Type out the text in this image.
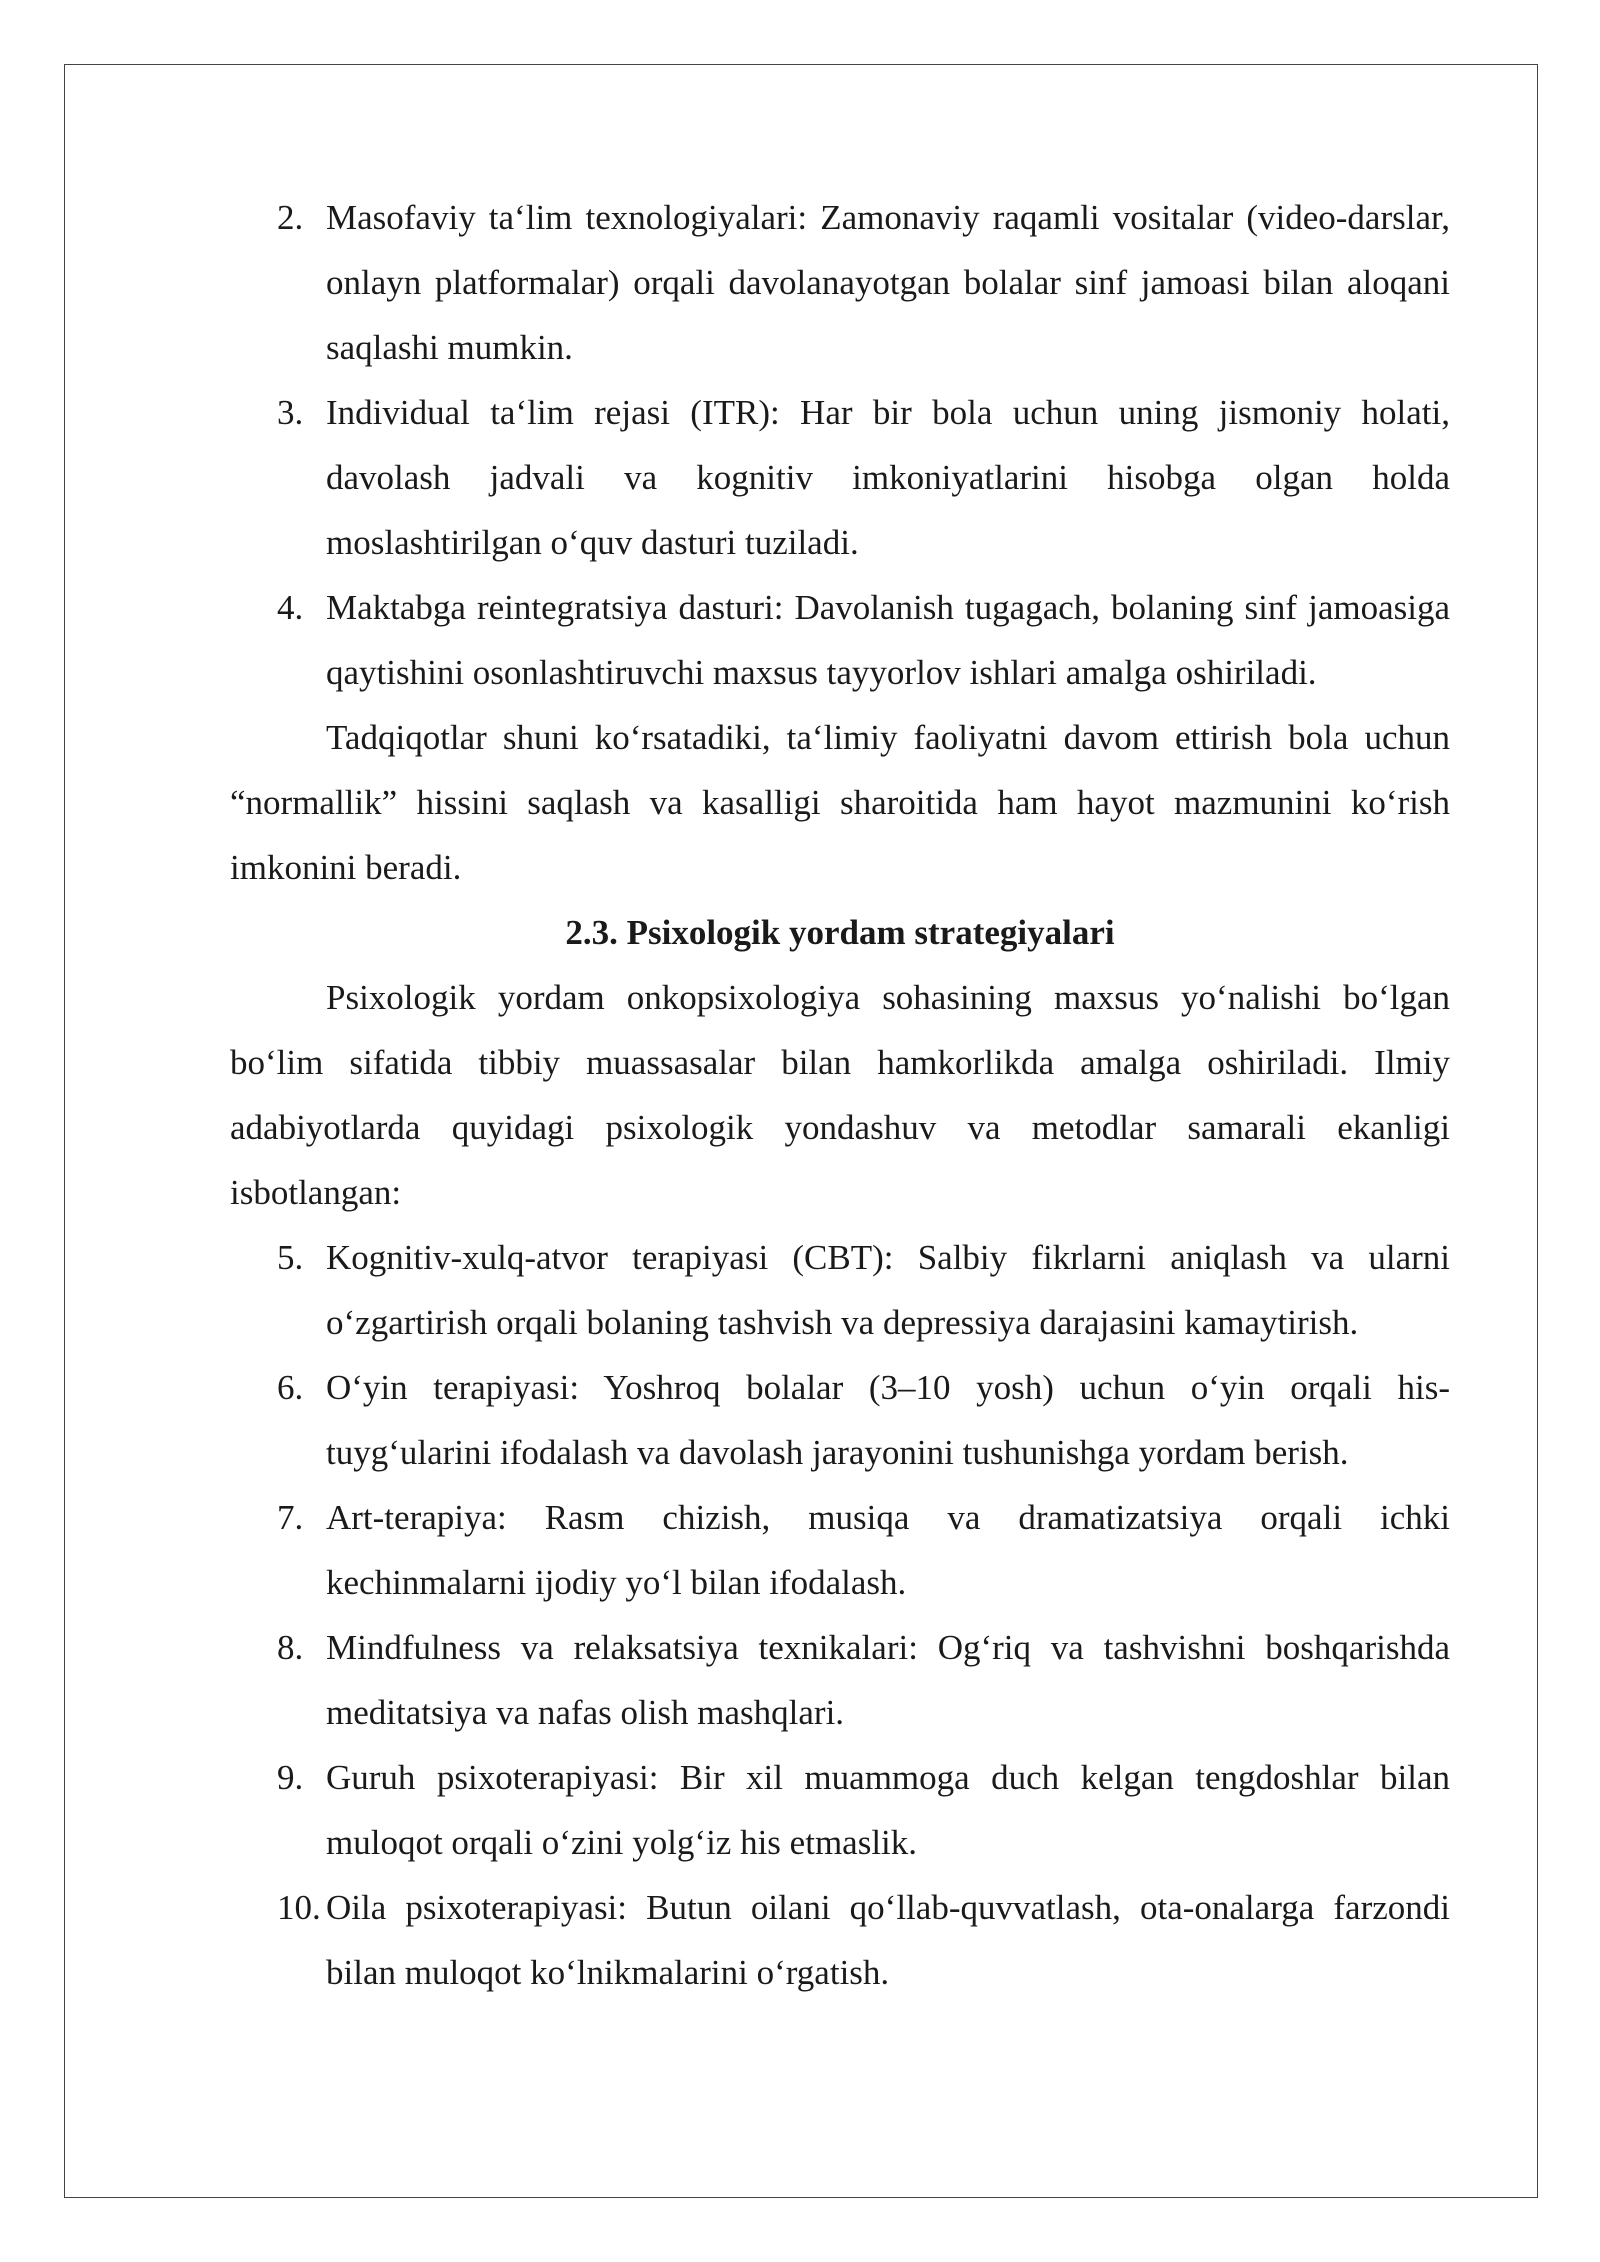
2. Masofaviy ta‘lim texnologiyalari: Zamonaviy raqamli vositalar (video-darslar, onlayn platformalar) orqali davolanayotgan bolalar sinf jamoasi bilan aloqani saqlashi mumkin.
3. Individual ta‘lim rejasi (ITR): Har bir bola uchun uning jismoniy holati, davolash jadvali va kognitiv imkoniyatlarini hisobga olgan holda moslashtirilgan o‘quv dasturi tuziladi.
4. Maktabga reintegratsiya dasturi: Davolanish tugagach, bolaning sinf jamoasiga qaytishini osonlashtiruvchi maxsus tayyorlov ishlari amalga oshiriladi.

Tadqiqotlar shuni ko‘rsatadiki, ta‘limiy faoliyatni davom ettirish bola uchun “normallik” hissini saqlash va kasalligi sharoitida ham hayot mazmunini ko‘rish imkonini beradi.

2.3. Psixologik yordam strategiyalari

Psixologik yordam onkopsixologiya sohasining maxsus yo‘nalishi bo‘lgan bo‘lim sifatida tibbiy muassasalar bilan hamkorlikda amalga oshiriladi. Ilmiy adabiyotlarda quyidagi psixologik yondashuv va metodlar samarali ekanligi isbotlangan:

5. Kognitiv-xulq-atvor terapiyasi (CBT): Salbiy fikrlarni aniqlash va ularni o‘zgartirish orqali bolaning tashvish va depressiya darajasini kamaytirish.
6. O‘yin terapiyasi: Yoshroq bolalar (3–10 yosh) uchun o‘yin orqali his-tuyg‘ularini ifodalash va davolash jarayonini tushunishga yordam berish.
7. Art-terapiya: Rasm chizish, musiqa va dramatizatsiya orqali ichki kechinmalarni ijodiy yo‘l bilan ifodalash.
8. Mindfulness va relaksatsiya texnikalari: Og‘riq va tashvishni boshqarishda meditatsiya va nafas olish mashqlari.
9. Guruh psixoterapiyasi: Bir xil muammoga duch kelgan tengdoshlar bilan muloqot orqali o‘zini yolg‘iz his etmaslik.
10. Oila psixoterapiyasi: Butun oilani qo‘llab-quvvatlash, ota-onalarga farzondi bilan muloqot ko‘lnikmalarini o‘rgatish.
